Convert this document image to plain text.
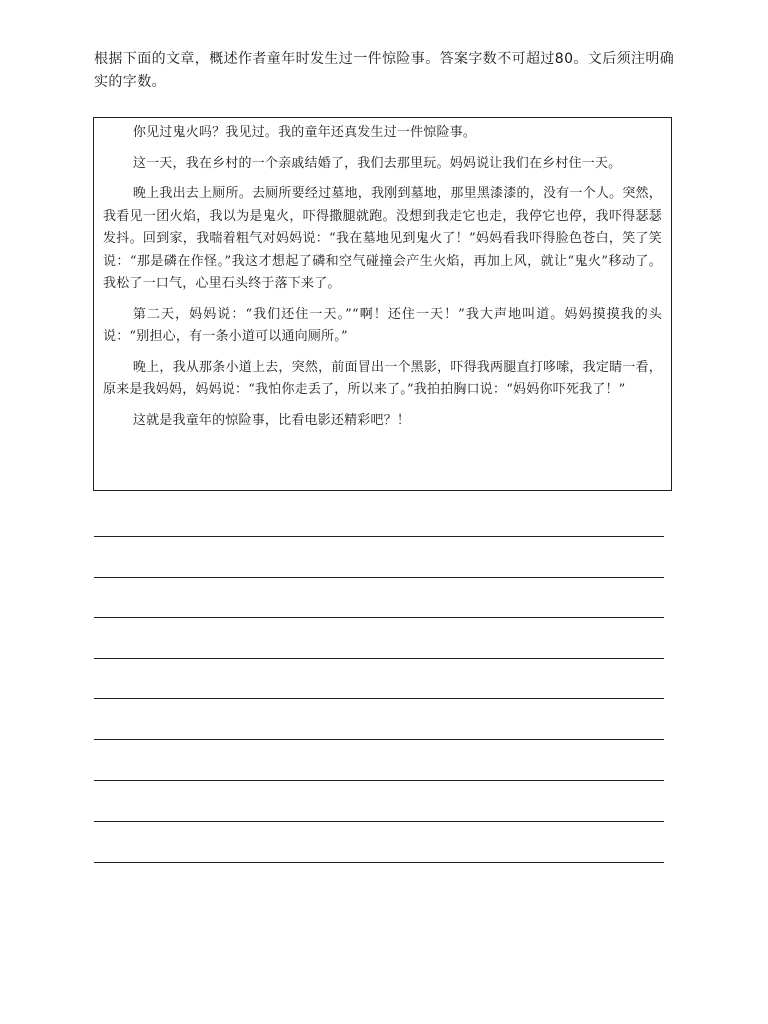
根据下面的文章，概述作者童年时发生过一件惊险事。答案字数不可超过80。文后须注明确实的字数。

你见过鬼火吗？我见过。我的童年还真发生过一件惊险事。

这一天，我在乡村的一个亲戚结婚了，我们去那里玩。妈妈说让我们在乡村住一天。

晚上我出去上厕所。去厕所要经过墓地，我刚到墓地，那里黑漆漆的，没有一个人。突然，我看见一团火焰，我以为是鬼火，吓得撒腿就跑。没想到我走它也走，我停它也停，我吓得瑟瑟发抖。回到家，我喘着粗气对妈妈说：“我在墓地见到鬼火了！”妈妈看我吓得脸色苍白，笑了笑说：“那是磷在作怪。”我这才想起了磷和空气碰撞会产生火焰，再加上风，就让“鬼火”移动了。我松了一口气，心里石头终于落下来了。

第二天，妈妈说：“我们还住一天。”“啊！还住一天！”我大声地叫道。妈妈摸摸我的头说：“别担心，有一条小道可以通向厕所。”

晚上，我从那条小道上去，突然，前面冒出一个黑影，吓得我两腿直打哆嗦，我定睛一看，原来是我妈妈，妈妈说：“我怕你走丢了，所以来了。”我拍拍胸口说：“妈妈你吓死我了！”

这就是我童年的惊险事，比看电影还精彩吧？！
